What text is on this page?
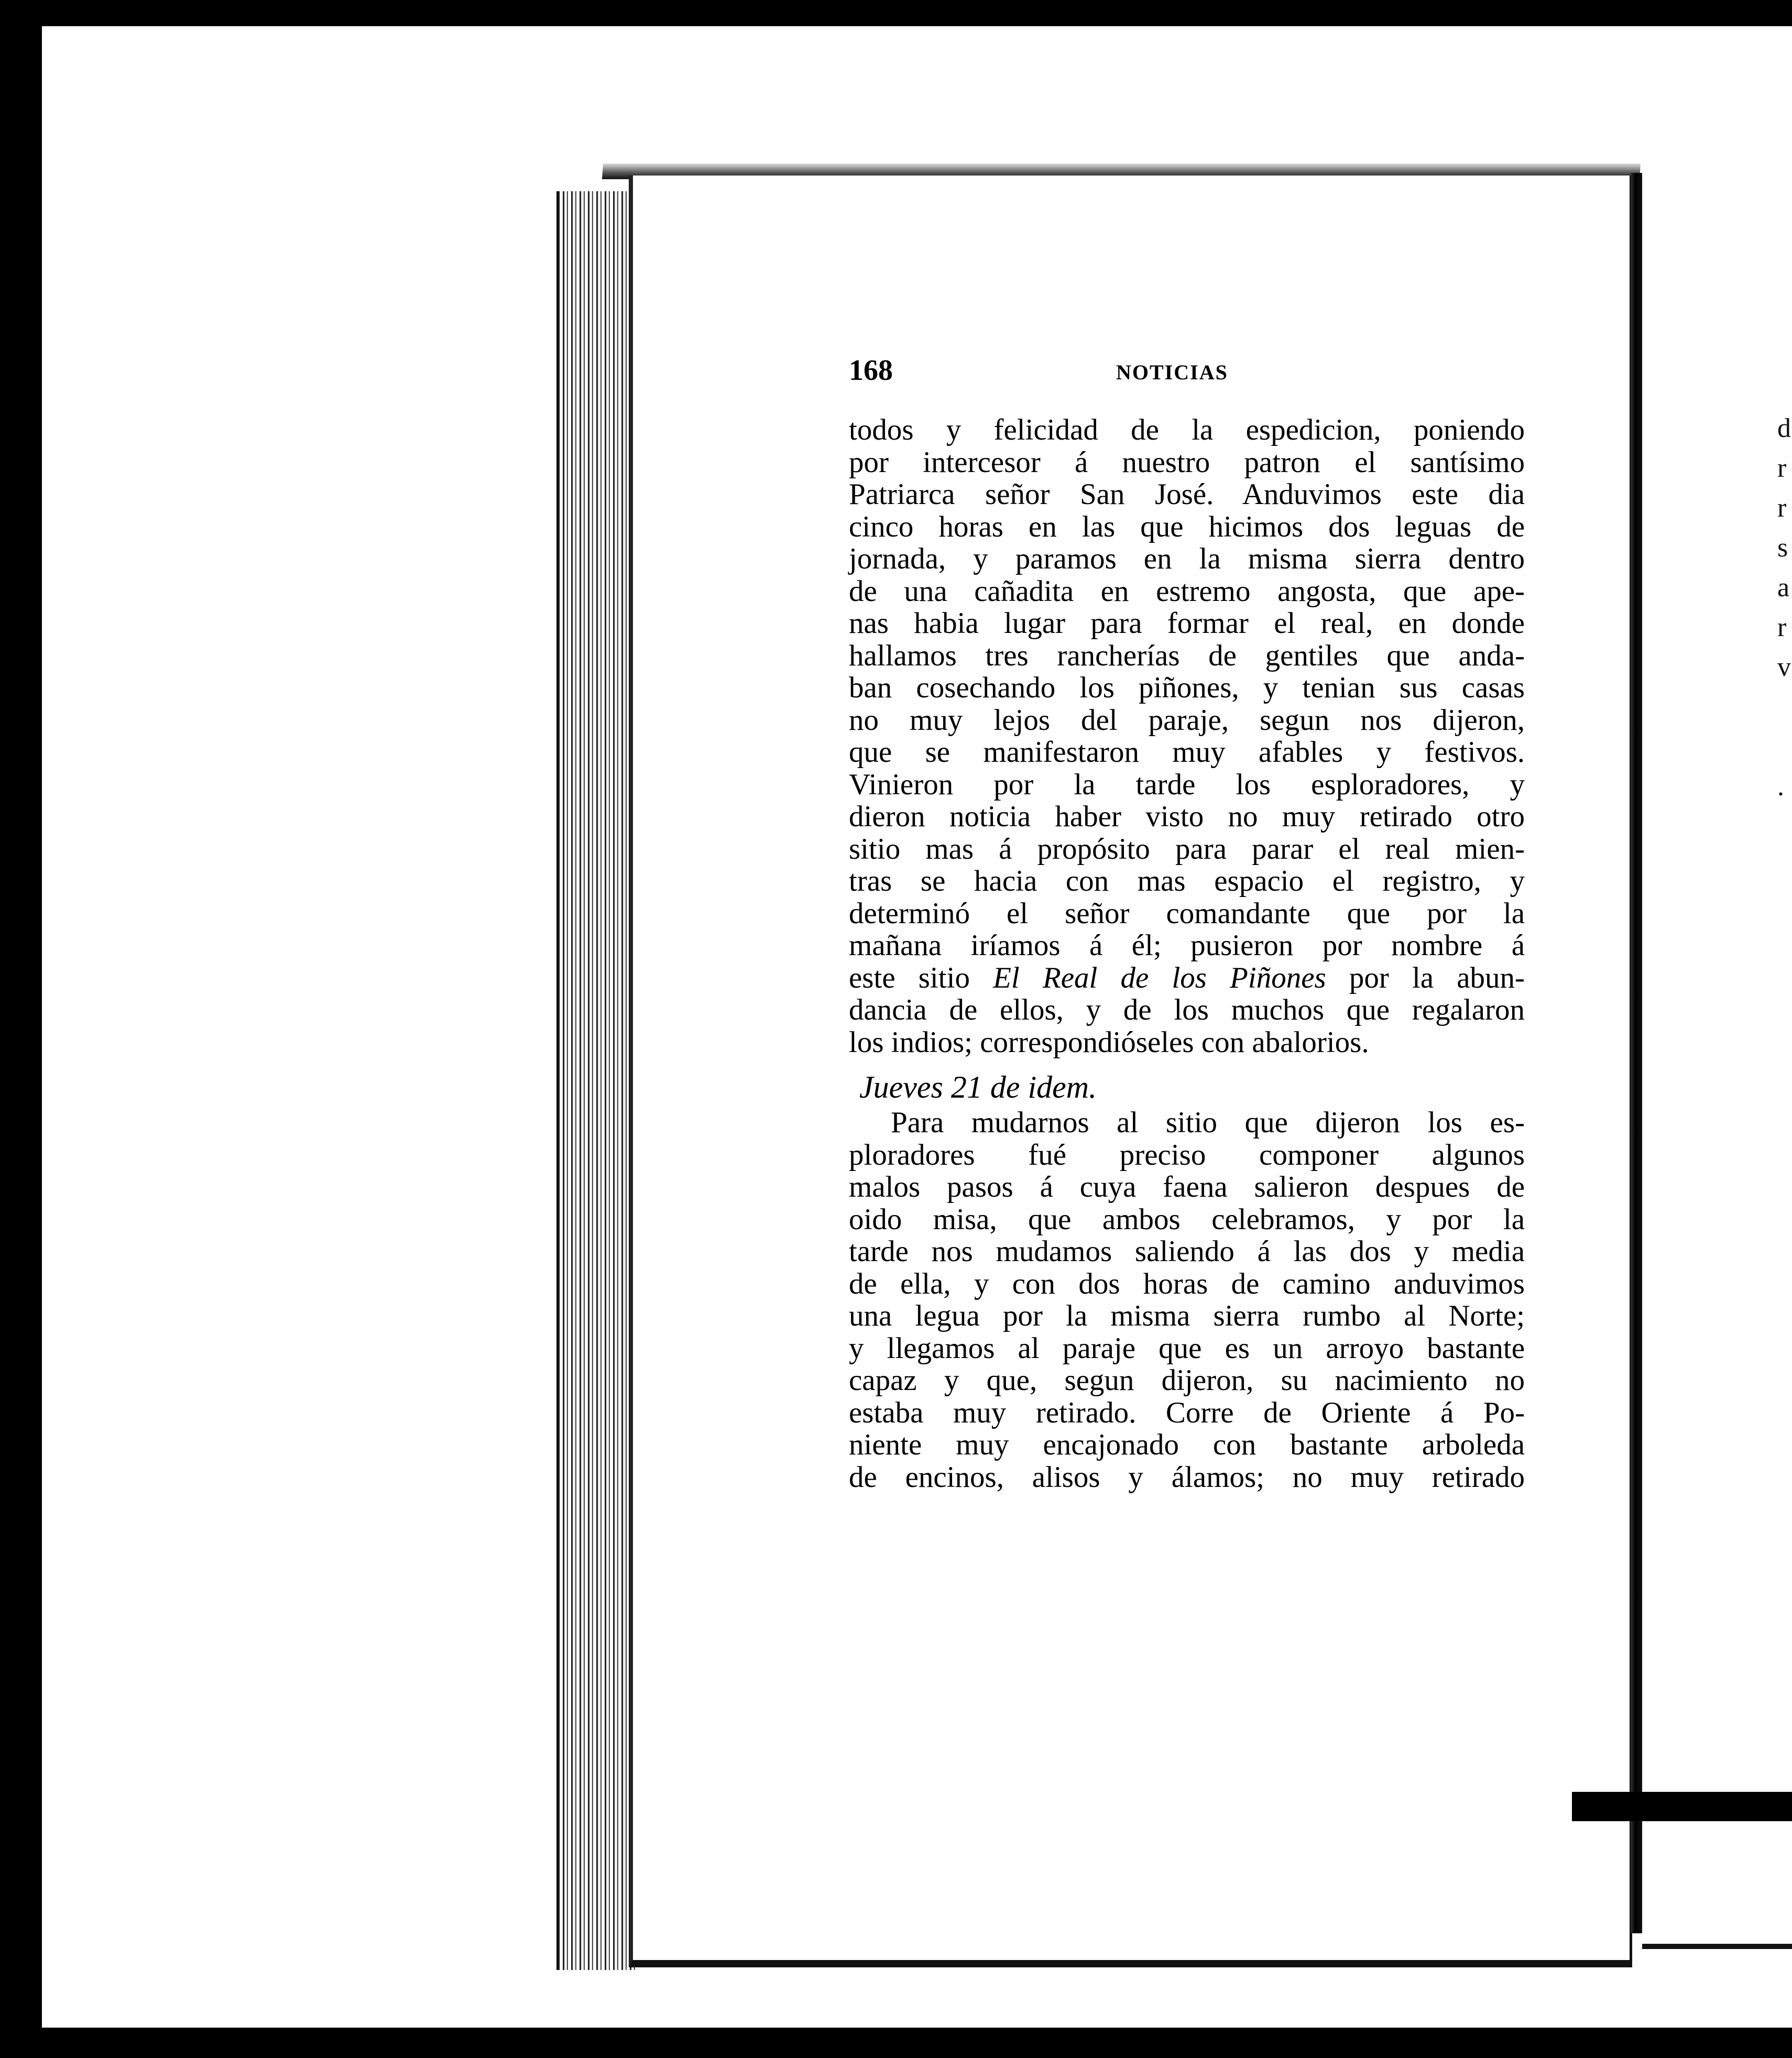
d
r
r
s
a
r
v
.
168	NOTICIAS
todos y felicidad de la espedicion, poniendo
por intercesor á nuestro patron el santísimo
Patriarca señor San José. Anduvimos este dia
cinco horas en las que hicimos dos leguas de
jornada, y paramos en la misma sierra dentro
de una cañadita en estremo angosta, que ape-
nas habia lugar para formar el real, en donde
hallamos tres rancherías de gentiles que anda-
ban cosechando los piñones, y tenian sus casas
no muy lejos del paraje, segun nos dijeron,
que se manifestaron muy afables y festivos.
Vinieron por la tarde los esploradores, y
dieron noticia haber visto no muy retirado otro
sitio mas á propósito para parar el real mien-
tras se hacia con mas espacio el registro, y
determinó el señor comandante que por la
mañana iríamos á él; pusieron por nombre á
este sitio El Real de los Piñones por la abun-
dancia de ellos, y de los muchos que regalaron
los indios; correspondióseles con abalorios.
Jueves 21 de idem.
Para mudarnos al sitio que dijeron los es-
ploradores fué preciso componer algunos
malos pasos á cuya faena salieron despues de
oido misa, que ambos celebramos, y por la
tarde nos mudamos saliendo á las dos y media
de ella, y con dos horas de camino anduvimos
una legua por la misma sierra rumbo al Norte;
y llegamos al paraje que es un arroyo bastante
capaz y que, segun dijeron, su nacimiento no
estaba muy retirado. Corre de Oriente á Po-
niente muy encajonado con bastante arboleda
de encinos, alisos y álamos; no muy retirado
